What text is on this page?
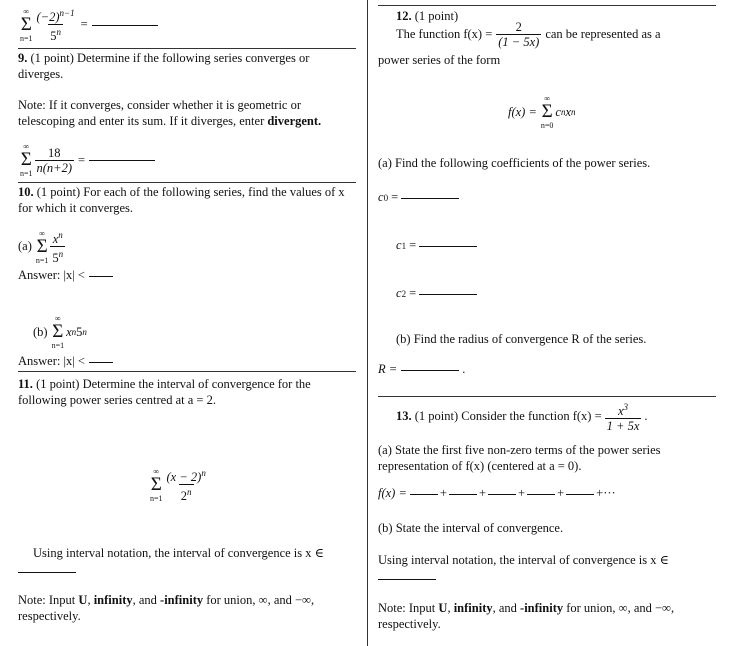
∞
Σ
$n=1 \frac{(-2)^{n-1}}{5^n}$ =
9. (1 point) Determine if the following series converges or diverges.
Note: If it converges, consider whether it is geometric or telescoping and enter its sum. If it diverges, enter divergent.
∞
Σ
$n=1 \frac{18}{n(n+2)}$ =
10. (1 point) For each of the following series, find the values of x for which it converges.
(a)
∞
Σ
$n=1 \frac{x^n}{5^n}$
Answer: |x| <
(b)
∞
Σ
n=1
x n 5 n
Answer: |x| <
11. (1 point) Determine the interval of convergence for the following power series centred at a = 2.
∞
Σ
$n=1 \frac{(x - 2)^n}{2^n}$
Using interval notation, the interval of convergence is x ∈
Note: Input U, infinity, and -infinity for union, ∞, and −∞, respectively.
12. (1 point)
The function $f(x) = \frac{2}{(1 - 5x)}$ can be represented as a
power series of the form
f(x) =
∞
Σ
n=0
c n x n
(a) Find the following coefficients of the power series.
c 0 =
c 1 =
c 2 =
(b) Find the radius of convergence R of the series.
R =	.
13.
(1 point)
Consider the function $f(x) = \frac{x^3}{1 + 5x}$ .
(a) State the first five non-zero terms of the power series representation of f(x) (centered at a = 0).
f(x) =	+	+	+	+	+···
(b) State the interval of convergence.
Using interval notation, the interval of convergence is x ∈
Note: Input U, infinity, and -infinity for union, ∞, and −∞, respectively.
